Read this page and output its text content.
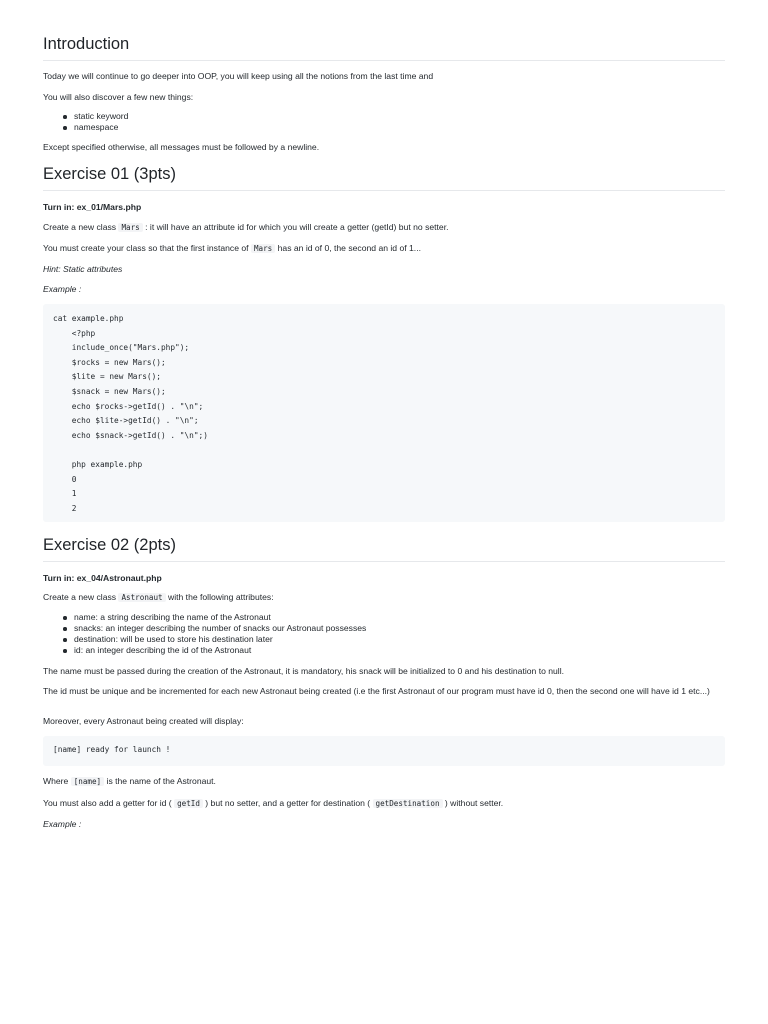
Introduction

Today we will continue to go deeper into OOP, you will keep using all the notions from the last time and

You will also discover a few new things:

static keyword
namespace

Except specified otherwise, all messages must be followed by a newline.

Exercise 01 (3pts)

Turn in: ex_01/Mars.php

Create a new class Mars : it will have an attribute id for which you will create a getter (getId) but no setter.

You must create your class so that the first instance of Mars has an id of 0, the second an id of 1...

Hint: Static attributes

Example :

cat example.php
<?php
include_once("Mars.php");
$rocks = new Mars();
$lite = new Mars();
$snack = new Mars();
echo $rocks->getId() . "\n";
echo $lite->getId() . "\n";
echo $snack->getId() . "\n";)
php example.php
0
1
2
Exercise 02 (2pts)

Turn in: ex_04/Astronaut.php

Create a new class Astronaut with the following attributes:

name: a string describing the name of the Astronaut
snacks: an integer describing the number of snacks our Astronaut possesses
destination: will be used to store his destination later
id: an integer describing the id of the Astronaut

The name must be passed during the creation of the Astronaut, it is mandatory, his snack will be initialized to 0 and his destination to null.

The id must be unique and be incremented for each new Astronaut being created (i.e the first Astronaut of our program must have id 0, then the second one will have id 1 etc...)

Moreover, every Astronaut being created will display:

[name] ready for launch !

Where [name] is the name of the Astronaut.

You must also add a getter for id ( getId ) but no setter, and a getter for destination ( getDestination ) without setter.

Example :
